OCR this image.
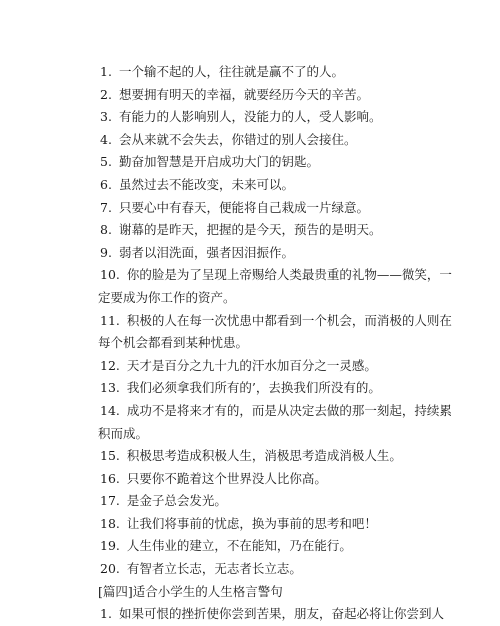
1 . 一个输不起的人，往往就是赢不了的人。
2 . 想要拥有明天的幸福，就要经历今天的辛苦。
3 . 有能力的人影响别人，没能力的人，受人影响。
4 . 会从来就不会失去，你错过的别人会接住。
5 . 勤奋加智慧是开启成功大门的钥匙。
6 . 虽然过去不能改变，未来可以。
7 . 只要心中有春天，便能将自己栽成一片绿意。
8 . 谢幕的是昨天，把握的是今天，预告的是明天。
9 . 弱者以泪洗面，强者因泪振作。
10 . 你的脸是为了呈现上帝赐给人类最贵重的礼物——微笑，一
定要成为你工作的资产。
11 . 积极的人在每一次忧患中都看到一个机会，而消极的人则在
每个机会都看到某种忧患。
12 . 天才是百分之九十九的汗水加百分之一灵感。
13 . 我们必须拿我们所有的’，去换我们所没有的。
14 . 成功不是将来才有的，而是从决定去做的那一刻起，持续累
积而成。
15 . 积极思考造成积极人生，消极思考造成消极人生。
16 . 只要你不跪着这个世界没人比你高。
17 . 是金子总会发光。
18 . 让我们将事前的忧虑，换为事前的思考和吧！
19 . 人生伟业的建立，不在能知，乃在能行。
20 . 有智者立长志，无志者长立志。
[篇四]适合小学生的人生格言警句
1 . 如果可恨的挫折使你尝到苦果，朋友，奋起必将让你尝到人
